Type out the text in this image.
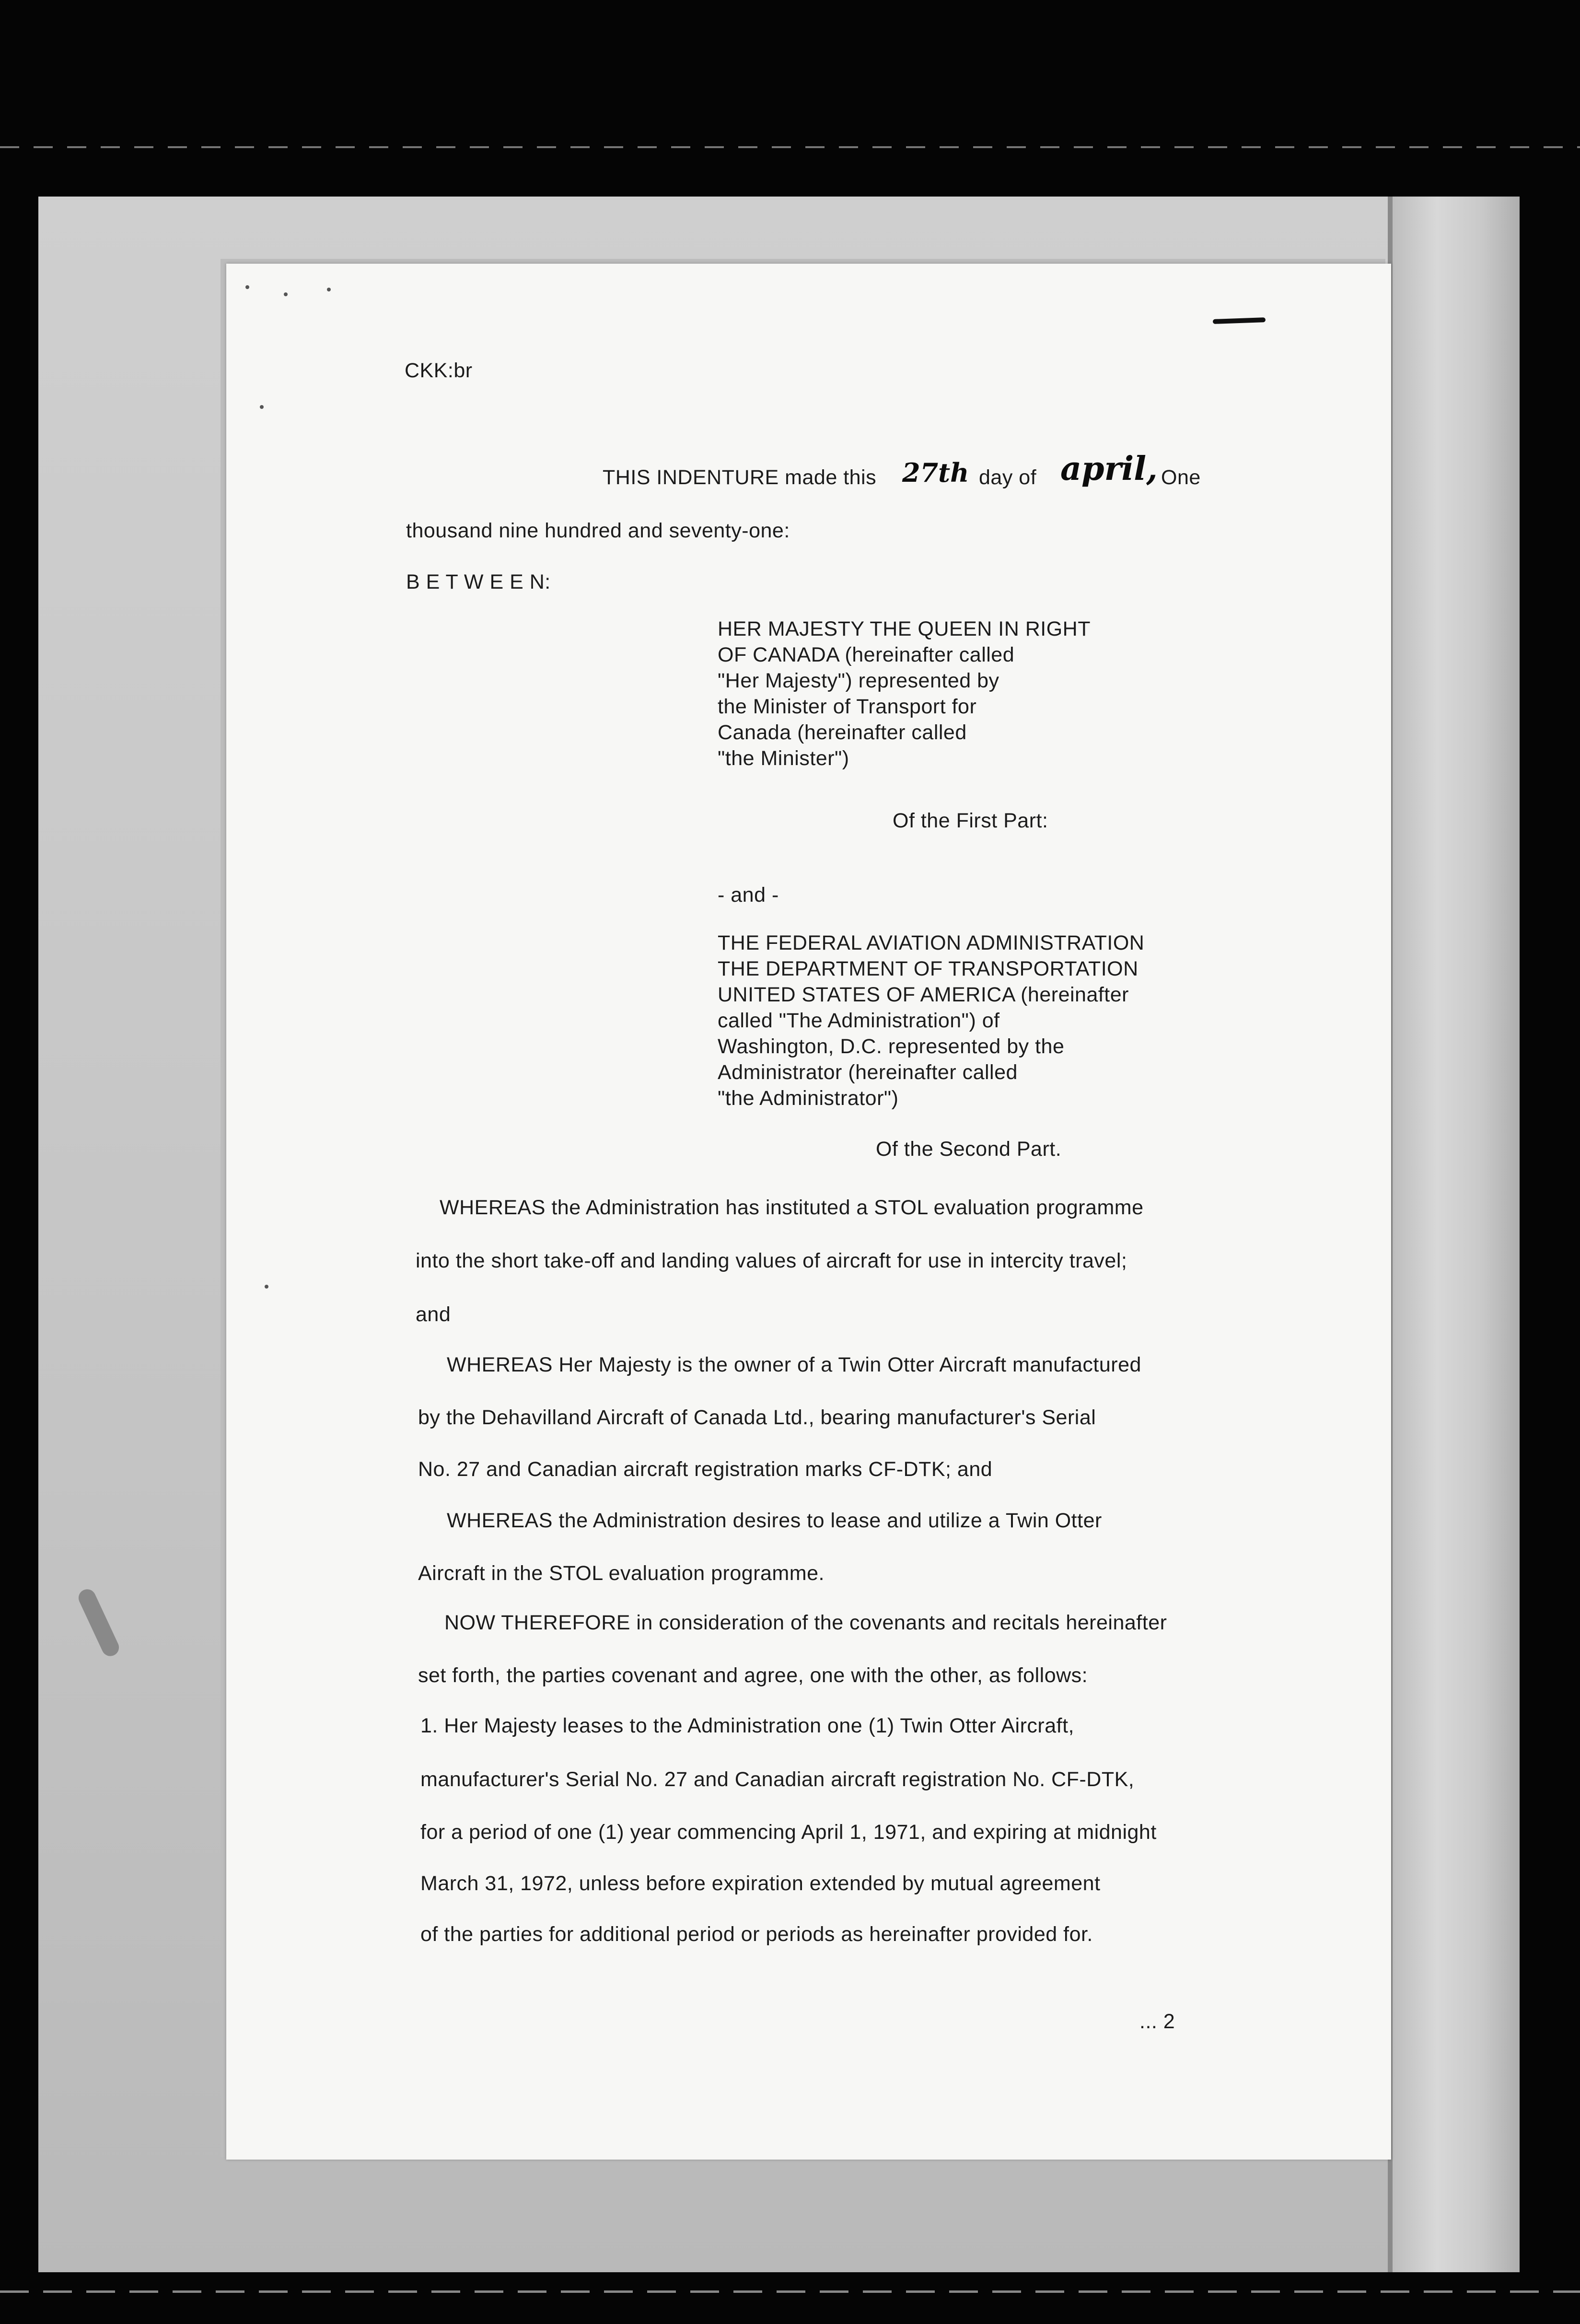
CKK:br

THIS INDENTURE made this 27th day of april, One

thousand nine hundred and seventy-one:

B E T W E E N:

HER MAJESTY THE QUEEN IN RIGHT
OF CANADA (hereinafter called
"Her Majesty") represented by
the Minister of Transport for
Canada (hereinafter called
"the Minister")

Of the First Part:

- and -

THE FEDERAL AVIATION ADMINISTRATION
THE DEPARTMENT OF TRANSPORTATION
UNITED STATES OF AMERICA (hereinafter
called "The Administration") of
Washington, D.C. represented by the
Administrator (hereinafter called
"the Administrator")

Of the Second Part.

WHEREAS the Administration has instituted a STOL evaluation programme

into the short take-off and landing values of aircraft for use in intercity travel;

and

WHEREAS Her Majesty is the owner of a Twin Otter Aircraft manufactured

by the Dehavilland Aircraft of Canada Ltd., bearing manufacturer's Serial

No. 27 and Canadian aircraft registration marks CF-DTK; and

WHEREAS the Administration desires to lease and utilize a Twin Otter

Aircraft in the STOL evaluation programme.

NOW THEREFORE in consideration of the covenants and recitals hereinafter

set forth, the parties covenant and agree, one with the other, as follows:

1. Her Majesty leases to the Administration one (1) Twin Otter Aircraft,

manufacturer's Serial No. 27 and Canadian aircraft registration No. CF-DTK,

for a period of one (1) year commencing April 1, 1971, and expiring at midnight

March 31, 1972, unless before expiration extended by mutual agreement

of the parties for additional period or periods as hereinafter provided for.

... 2
